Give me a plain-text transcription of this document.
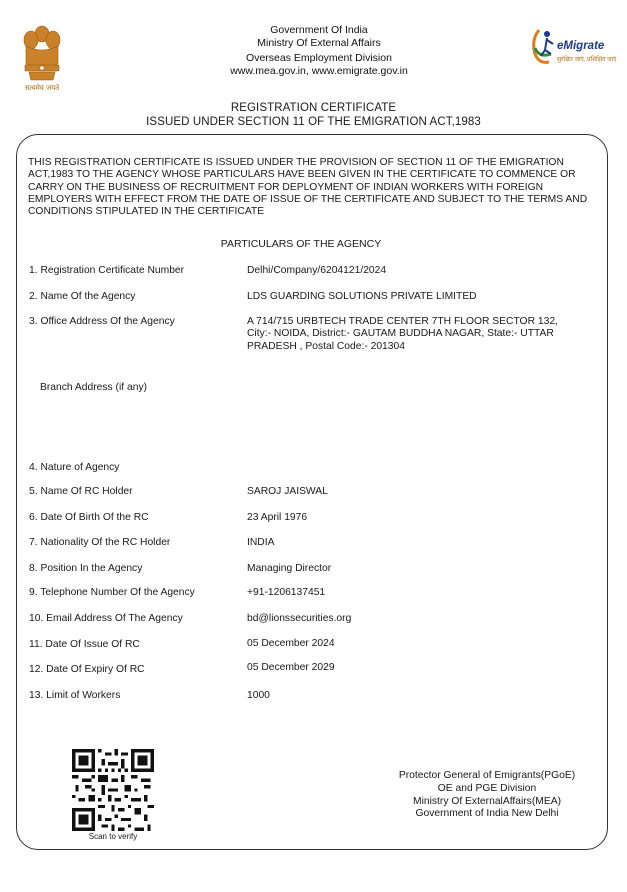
सत्यमेव जयते
Government Of India
Ministry Of External Affairs
Overseas Employment Division
www.mea.gov.in, www.emigrate.gov.in
eMigrate
सुरक्षित जाएं, प्रशिक्षित जाएं
REGISTRATION CERTIFICATE
ISSUED UNDER SECTION 11 OF THE EMIGRATION ACT,1983
THIS REGISTRATION CERTIFICATE IS ISSUED UNDER THE PROVISION OF SECTION 11 OF THE EMIGRATION ACT,1983 TO THE AGENCY WHOSE PARTICULARS HAVE BEEN GIVEN IN THE CERTIFICATE TO COMMENCE OR CARRY ON THE BUSINESS OF RECRUITMENT FOR DEPLOYMENT OF INDIAN WORKERS WITH FOREIGN EMPLOYERS WITH EFFECT FROM THE DATE OF ISSUE OF THE CERTIFICATE AND SUBJECT TO THE TERMS AND CONDITIONS STIPULATED IN THE CERTIFICATE
PARTICULARS OF THE AGENCY
1. Registration Certificate Number	Delhi/Company/6204121/2024
2. Name Of the Agency	LDS GUARDING SOLUTIONS PRIVATE LIMITED
3. Office Address Of the Agency	A 714/715 URBTECH TRADE CENTER 7TH FLOOR SECTOR 132, City:- NOIDA, District:- GAUTAM BUDDHA NAGAR, State:- UTTAR PRADESH , Postal Code:- 201304
Branch Address (if any)
4. Nature of Agency
5. Name Of RC Holder	SAROJ JAISWAL
6. Date Of Birth Of the RC	23 April 1976
7. Nationality Of the RC Holder	INDIA
8. Position In the Agency	Managing Director
9. Telephone Number Of the Agency	+91-1206137451
10. Email Address Of The Agency	bd@lionssecurities.org
11. Date Of Issue Of RC	05 December 2024
12. Date Of Expiry Of RC	05 December 2029
13. Limit of Workers	1000
Scan to verify
Protector General of Emigrants(PGoE)
OE and PGE Division
Ministry Of ExternalAffairs(MEA)
Government of India New Delhi
